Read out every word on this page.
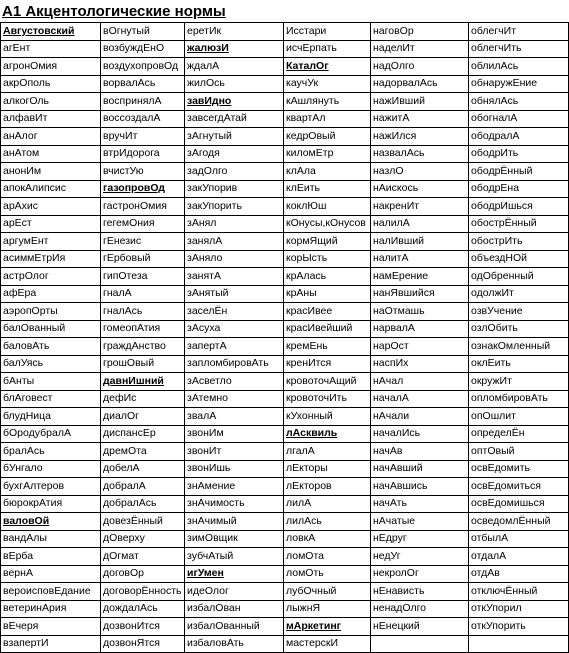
А1 Акцентологические нормы
Августовский	вОгнутый	еретИк	Исстари	наговОр	облегчИт
агЕнт	возбуждЕнО	жалюзИ	исчЕрпать	наделИт	облегчИть
агронОмия	воздухопровОд	ждалА	КаталОг	надОлго	облилАсь
акрОполь	ворвалАсь	жилОсь	каучУк	надорвалАсь	обнаружЕние
алкогОль	воспринялА	завИдно	кАшлянуть	нажИвший	обнялАсь
алфавИт	воссоздалА	завсегдАтай	квартАл	нажитА	обогналА
анАлог	вручИт	зАгнутый	кедрОвый	нажИлся	ободралА
анАтом	втрИдорога	зАгодя	киломЕтр	назвалАсь	ободрИть
анонИм	вчистУю	задОлго	клАла	назлО	ободрЁнный
апокАлипсис	газопровОд	закУпорив	клЕить	нАискось	ободрЕна
арАхис	гастронОмия	закУпорить	коклЮш	накренИт	ободрИшься
арЕст	гегемОния	зАнял	кОнусы,кОнусов	налилА	обострЁнный
аргумЕнт	гЕнезис	занялА	кормЯщий	налИвший	обострИть
асиммЕтрИя	гЕрбовый	зАняло	корЫсть	налитА	объездНОй
астрОлог	гипОтеза	занятА	крАлась	намЕрение	одОбренный
афЕра	гналА	зАнятый	крАны	нанЯвшийся	одолжИт
аэропОрты	гналАсь	заселЁн	красИвее	наОтмашь	озвУчение
балОванный	гомеопАтия	зАсуха	красИвейший	нарвалА	озлОбить
баловАть	граждАнство	запертА	кремЕнь	нарОст	ознакОмленный
балУясь	грошОвый	запломбировАть	кренИтся	наспИх	оклЕить
бАнты	давнИшний	зАсветло	кровоточАщий	нАчал	окружИт
блАговест	дефИс	зАтемно	кровоточИть	началА	опломбировАть
блудНица	диалОг	звалА	кУхонный	нАчали	опОшлит
бОродубралА	диспансЕр	звонИм	лАсквиль	началИсь	определЁн
бралАсь	дремОта	звонИт	лгалА	начАв	оптОвый
бУнгало	добелА	звонИшь	лЕкторы	начАвший	освЕдомить
бухгАлтеров	добралА	знАмение	лЕкторов	начАвшись	освЕдомиться
бюрокрАтия	добралАсь	знАчимость	лилА	начАть	освЕдомишься
валовОй	довезЁнный	знАчимый	лилАсь	нАчатые	осведомлЁнный
вандАлы	дОверху	зимОвщик	ловкА	нЕдруг	отбылА
вЕрба	дОгмат	зубчАтый	ломОта	недУг	отдалА
вернА	договОр	игУмен	ломОть	некролОг	отдАв
вероисповЕдание	договорЁнность	идеОлог	лубОчный	нЕнависть	отключЁнный
ветеринАрия	дождалАсь	избалОван	лыжнЯ	ненадОлго	откУпорил
вЕчеря	дозвонИтся	избалОванный	мАркетинг	нЕнецкий	откУпорить
взапертИ	дозвонЯтся	избаловАть	мастерскИ		
